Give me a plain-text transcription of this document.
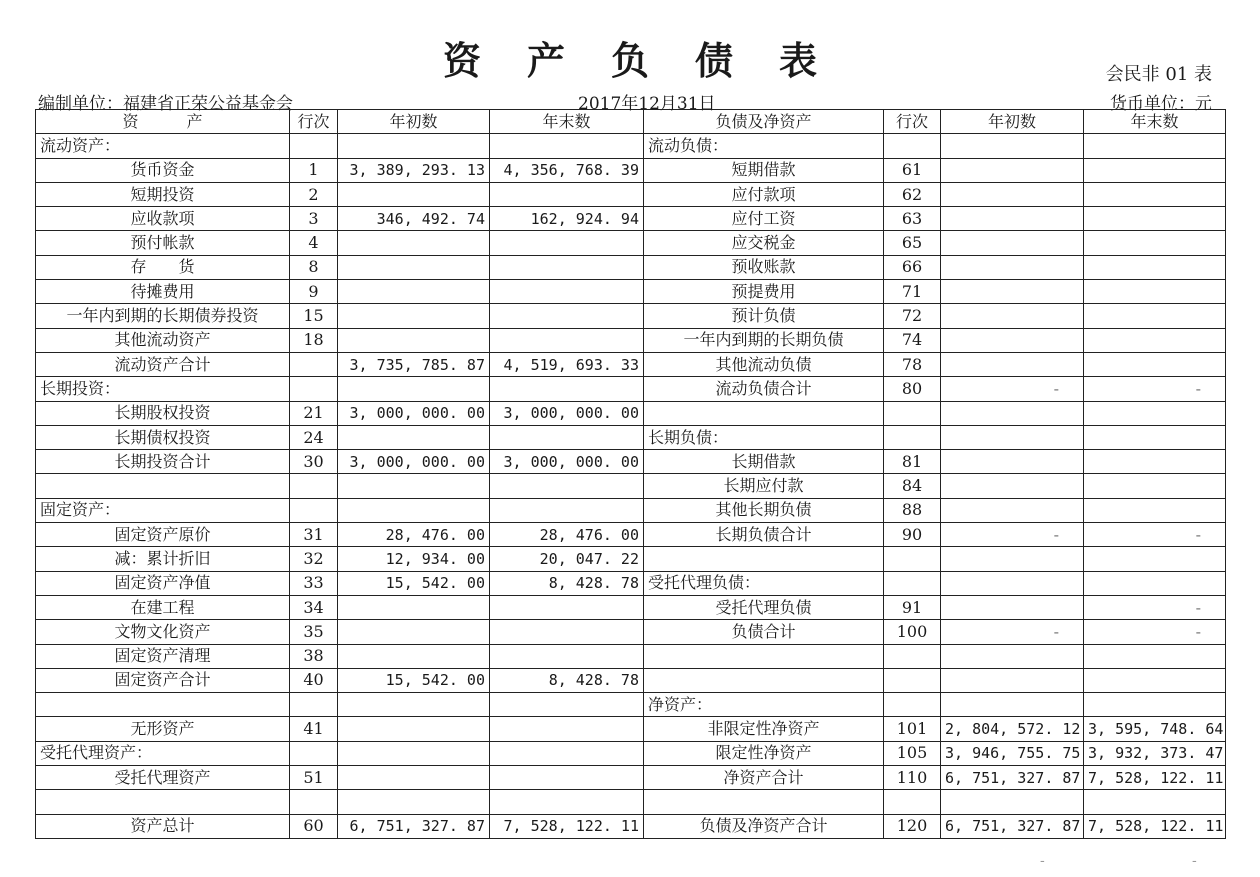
资产负债表	会民非 01 表
编制单位：福建省正荣公益基金会	2017年12月31日	货币单位：元
资　　　产	行次	年初数	年末数	负债及净资产	行次	年初数	年末数
流动资产：				流动负债：			
货币资金	1	3, 389, 293. 13	4, 356, 768. 39	短期借款	61		
短期投资	2			应付款项	62		
应收款项	3	346, 492. 74	162, 924. 94	应付工资	63		
预付帐款	4			应交税金	65		
存　　货	8			预收账款	66		
待摊费用	9			预提费用	71		
一年内到期的长期债券投资	15			预计负债	72		
其他流动资产	18			一年内到期的长期负债	74		
流动资产合计		3, 735, 785. 87	4, 519, 693. 33	其他流动负债	78		
长期投资：				流动负债合计	80	-	-
长期股权投资	21	3, 000, 000. 00	3, 000, 000. 00				
长期债权投资	24			长期负债：			
长期投资合计	30	3, 000, 000. 00	3, 000, 000. 00	长期借款	81		
				长期应付款	84		
固定资产：				其他长期负债	88		
固定资产原价	31	28, 476. 00	28, 476. 00	长期负债合计	90	-	-
减：累计折旧	32	12, 934. 00	20, 047. 22				
固定资产净值	33	15, 542. 00	8, 428. 78	受托代理负债：			
在建工程	34			受托代理负债	91		-
文物文化资产	35			负债合计	100	-	-
固定资产清理	38						
固定资产合计	40	15, 542. 00	8, 428. 78				
				净资产：			
无形资产	41			非限定性净资产	101	2, 804, 572. 12	3, 595, 748. 64
受托代理资产：				限定性净资产	105	3, 946, 755. 75	3, 932, 373. 47
受托代理资产	51			净资产合计	110	6, 751, 327. 87	7, 528, 122. 11

资产总计	60	6, 751, 327. 87	7, 528, 122. 11	负债及净资产合计	120	6, 751, 327. 87	7, 528, 122. 11
-	-
